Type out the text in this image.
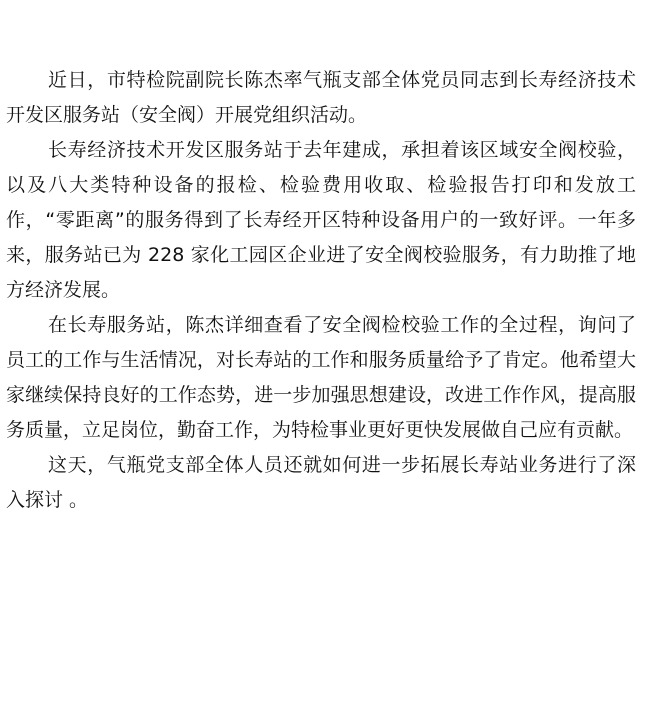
近日，市特检院副院长陈杰率气瓶支部全体党员同志到长寿经济技术开发区服务站（安全阀）开展党组织活动。

长寿经济技术开发区服务站于去年建成，承担着该区域安全阀校验，以及八大类特种设备的报检、检验费用收取、检验报告打印和发放工作，“零距离”的服务得到了长寿经开区特种设备用户的一致好评。一年多来，服务站已为 228 家化工园区企业进了安全阀校验服务，有力助推了地方经济发展。

在长寿服务站，陈杰详细查看了安全阀检校验工作的全过程，询问了员工的工作与生活情况，对长寿站的工作和服务质量给予了肯定。他希望大家继续保持良好的工作态势，进一步加强思想建设，改进工作作风，提高服务质量，立足岗位，勤奋工作，为特检事业更好更快发展做自己应有贡献。

这天，气瓶党支部全体人员还就如何进一步拓展长寿站业务进行了深入探讨 。
